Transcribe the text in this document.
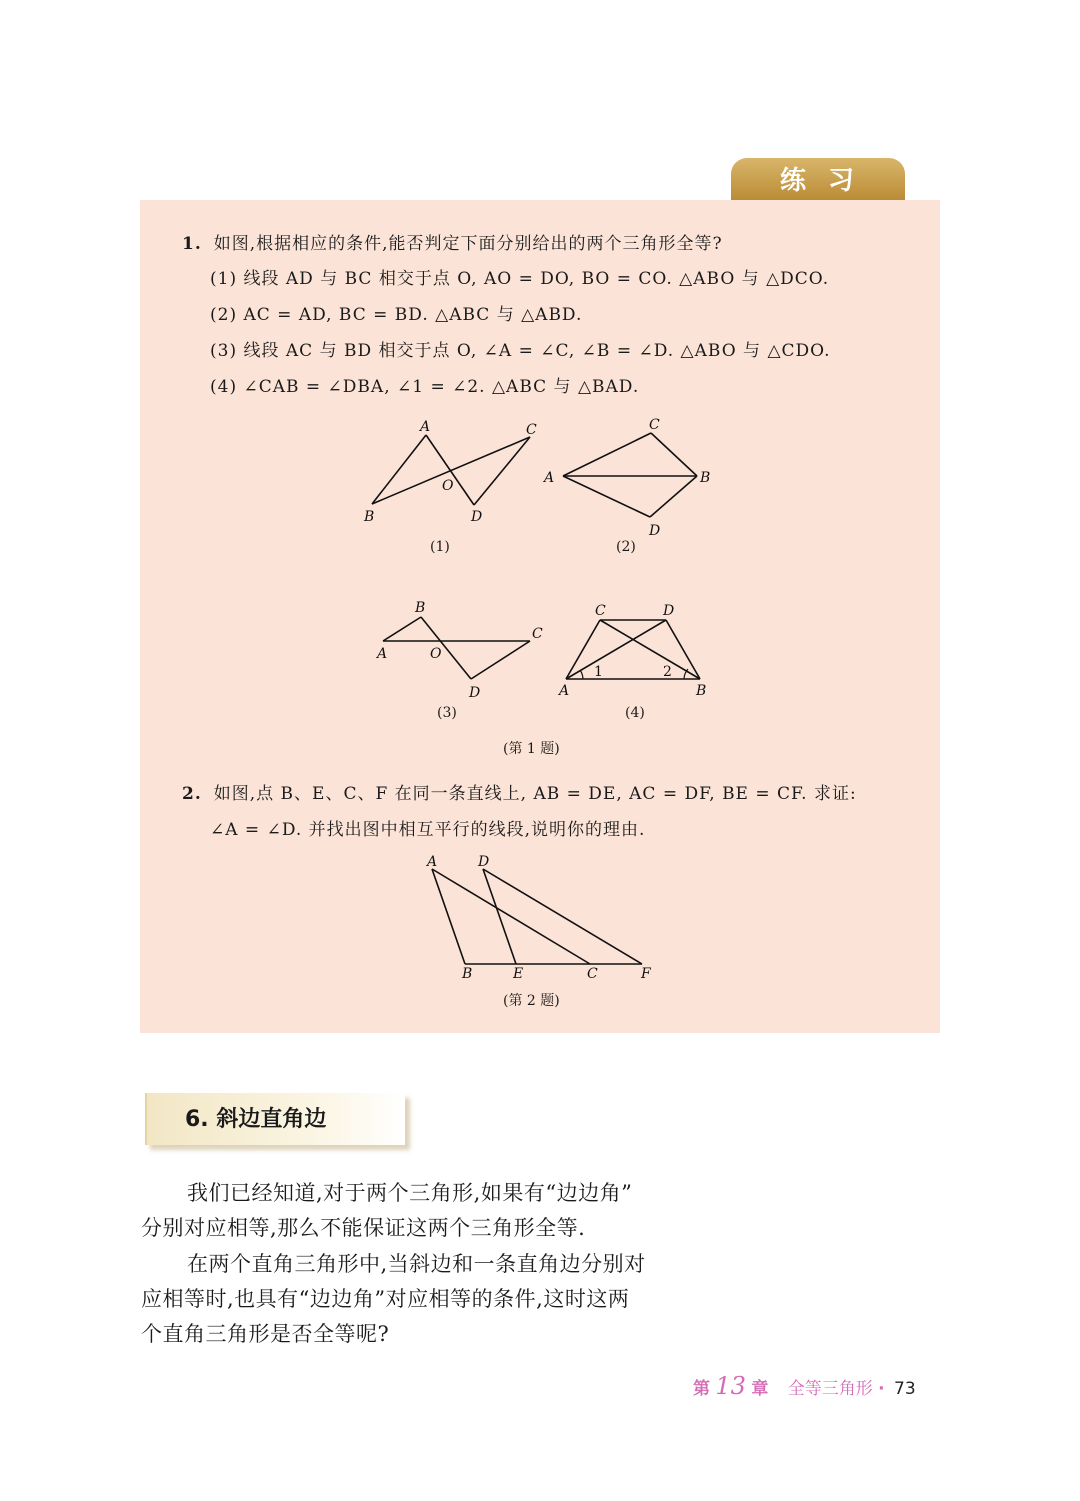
练习
1. 如图,根据相应的条件,能否判定下面分别给出的两个三角形全等?
(1) 线段 AD 与 BC 相交于点 O, AO = DO, BO = CO. △ABO 与 △DCO.
(2) AC = AD, BC = BD. △ABC 与 △ABD.
(3) 线段 AC 与 BD 相交于点 O, ∠A = ∠C, ∠B = ∠D. △ABO 与 △CDO.
(4) ∠CAB = ∠DBA, ∠1 = ∠2. △ABC 与 △BAD.
A
B
C
D
O	A	B
C
D
(1)	(2)
A
B
C
D
O
A	B
C	D
1	2
(3)	(4)
(第 1 题)
2. 如图,点 B、E、C、F 在同一条直线上, AB = DE, AC = DF, BE = CF. 求证:
∠A = ∠D. 并找出图中相互平行的线段,说明你的理由.
A	D
B	E	C	F
(第 2 题)
6. 斜边直角边
我们已经知道,对于两个三角形,如果有“边边角”
分别对应相等,那么不能保证这两个三角形全等.
在两个直角三角形中,当斜边和一条直角边分别对
应相等时,也具有“边边角”对应相等的条件,这时这两
个直角三角形是否全等呢?
第 13 章 全等三角形 · 73
